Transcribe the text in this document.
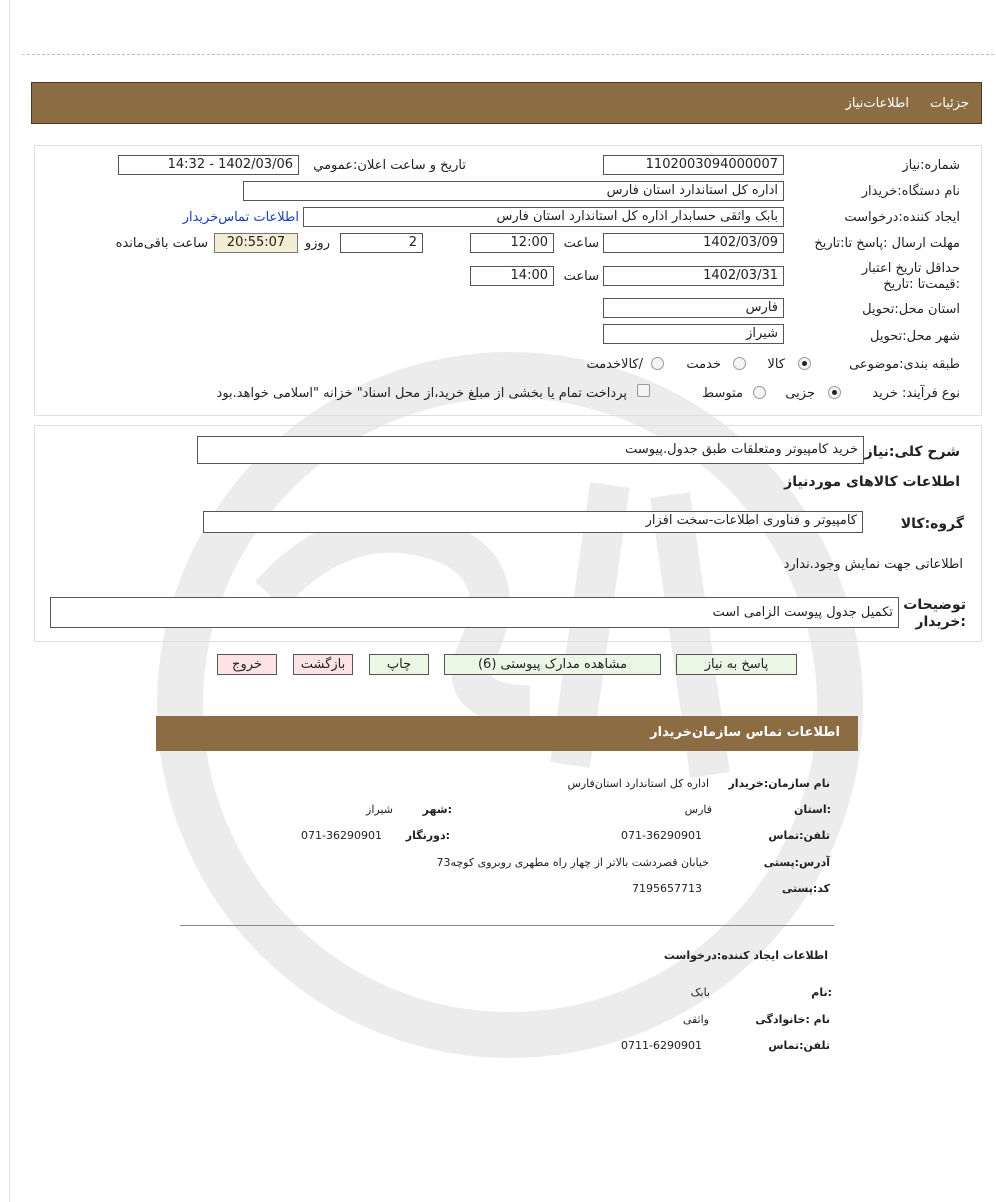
جزئیات
اطلاعات‌نیاز
شماره:نیاز
1102003094000007
تاریخ و ساعت اعلان:عمومي
1402/03/06 - 14:32
نام دستگاه:خریدار
اداره کل استاندارد استان فارس
ایجاد کننده:درخواست
بابک واثقی حسابدار اداره کل استاندارد استان فارس
اطلاعات تماس‌خریدار
مهلت ارسال :پاسخ تا:تاریخ
1402/03/09
ساعت
12:00
2
روزو
20:55:07
ساعت باقی‌مانده
حداقل تاریخ اعتبار :قیمت‌تا :تاریخ
1402/03/31
ساعت
14:00
استان محل:تحویل
فارس
شهر محل:تحویل
شیراز
طبقه بندی:موضوعی
کالا
خدمت
/کالاخدمت
نوع فرآیند: خرید
جزیی
متوسط
پرداخت تمام یا بخشی از مبلغ خرید،از محل اسناد" خزانه "اسلامی خواهد.بود
شرح کلی:نیاز
خرید کامپیوتر ومتعلقات طبق جدول.پیوست
اطلاعات کالاهای موردنیاز
گروه:کالا
کامپیوتر و فناوری اطلاعات-سخت افزار
اطلاعاتی جهت نمایش وجود.ندارد
توضیحات :خریدار
تکمیل جدول پیوست الزامی است
پاسخ به نیاز
مشاهده مدارک پیوستی (6)
چاپ
بازگشت
خروج
اطلاعات تماس سازمان‌خریدار
نام سازمان:خریدار
اداره کل استاندارد استان‌فارس
:استان
فارس
:شهر
شیراز
تلفن:تماس
071-36290901
:دورنگار
071-36290901
آدرس:پستی
خیابان قصردشت بالاتر از چهار راه مطهری روبروی کوچه73
کد:پستی
7195657713
اطلاعات ایجاد کننده:درخواست
:نام
بابک
نام :خانوادگی
واثقی
تلفن:تماس
0711-6290901
